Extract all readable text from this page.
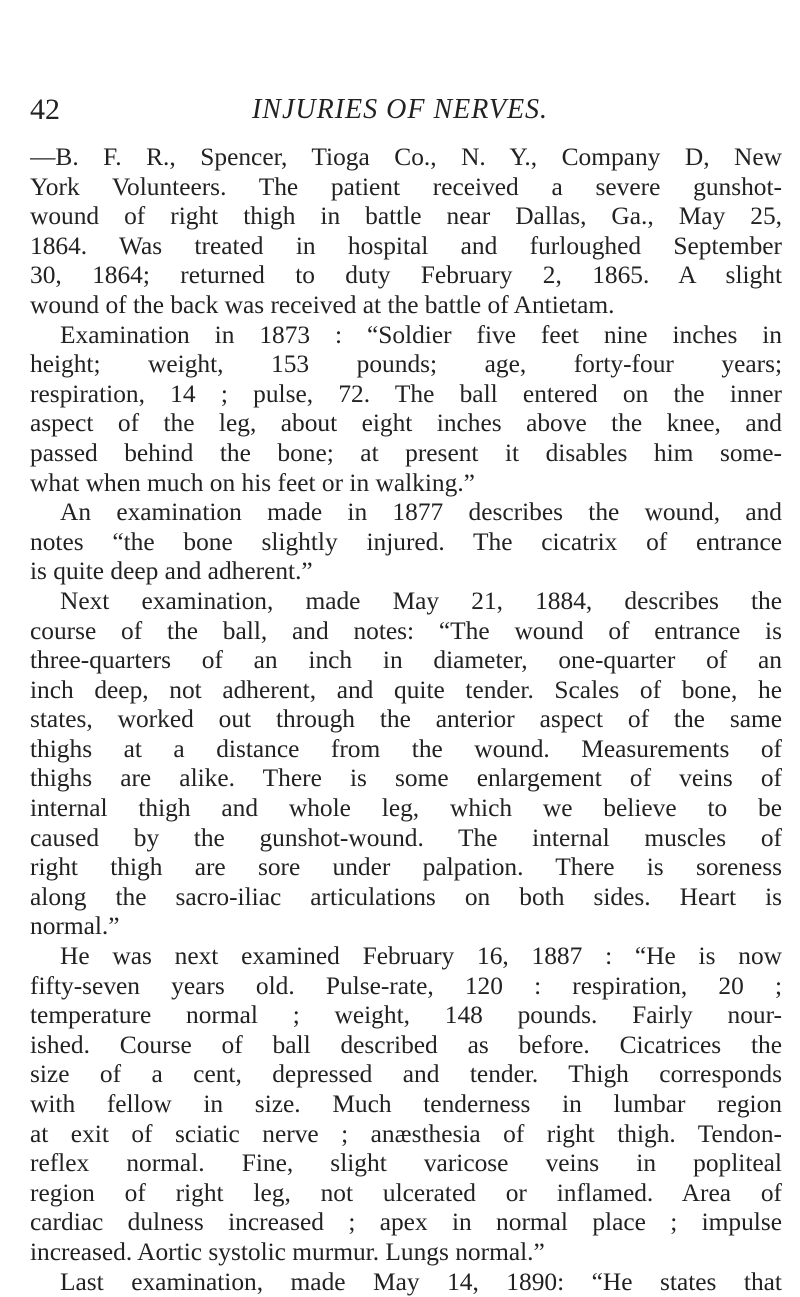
42	INJURIES OF NERVES.
—B. F. R., Spencer, Tioga Co., N. Y., Company D, New
York Volunteers. The patient received a severe gunshot-
wound of right thigh in battle near Dallas, Ga., May 25,
1864. Was treated in hospital and furloughed September
30, 1864; returned to duty February 2, 1865. A slight
wound of the back was received at the battle of Antietam.
Examination in 1873 : “Soldier five feet nine inches in
height; weight, 153 pounds; age, forty-four years;
respiration, 14 ; pulse, 72. The ball entered on the inner
aspect of the leg, about eight inches above the knee, and
passed behind the bone; at present it disables him some-
what when much on his feet or in walking.”
An examination made in 1877 describes the wound, and
notes “the bone slightly injured. The cicatrix of entrance
is quite deep and adherent.”
Next examination, made May 21, 1884, describes the
course of the ball, and notes: “The wound of entrance is
three-quarters of an inch in diameter, one-quarter of an
inch deep, not adherent, and quite tender. Scales of bone, he
states, worked out through the anterior aspect of the same
thighs at a distance from the wound. Measurements of
thighs are alike. There is some enlargement of veins of
internal thigh and whole leg, which we believe to be
caused by the gunshot-wound. The internal muscles of
right thigh are sore under palpation. There is soreness
along the sacro-iliac articulations on both sides. Heart is
normal.”
He was next examined February 16, 1887 : “He is now
fifty-seven years old. Pulse-rate, 120 : respiration, 20 ;
temperature normal ; weight, 148 pounds. Fairly nour-
ished. Course of ball described as before. Cicatrices the
size of a cent, depressed and tender. Thigh corresponds
with fellow in size. Much tenderness in lumbar region
at exit of sciatic nerve ; anæsthesia of right thigh. Tendon-
reflex normal. Fine, slight varicose veins in popliteal
region of right leg, not ulcerated or inflamed. Area of
cardiac dulness increased ; apex in normal place ; impulse
increased. Aortic systolic murmur. Lungs normal.”
Last examination, made May 14, 1890: “He states that
